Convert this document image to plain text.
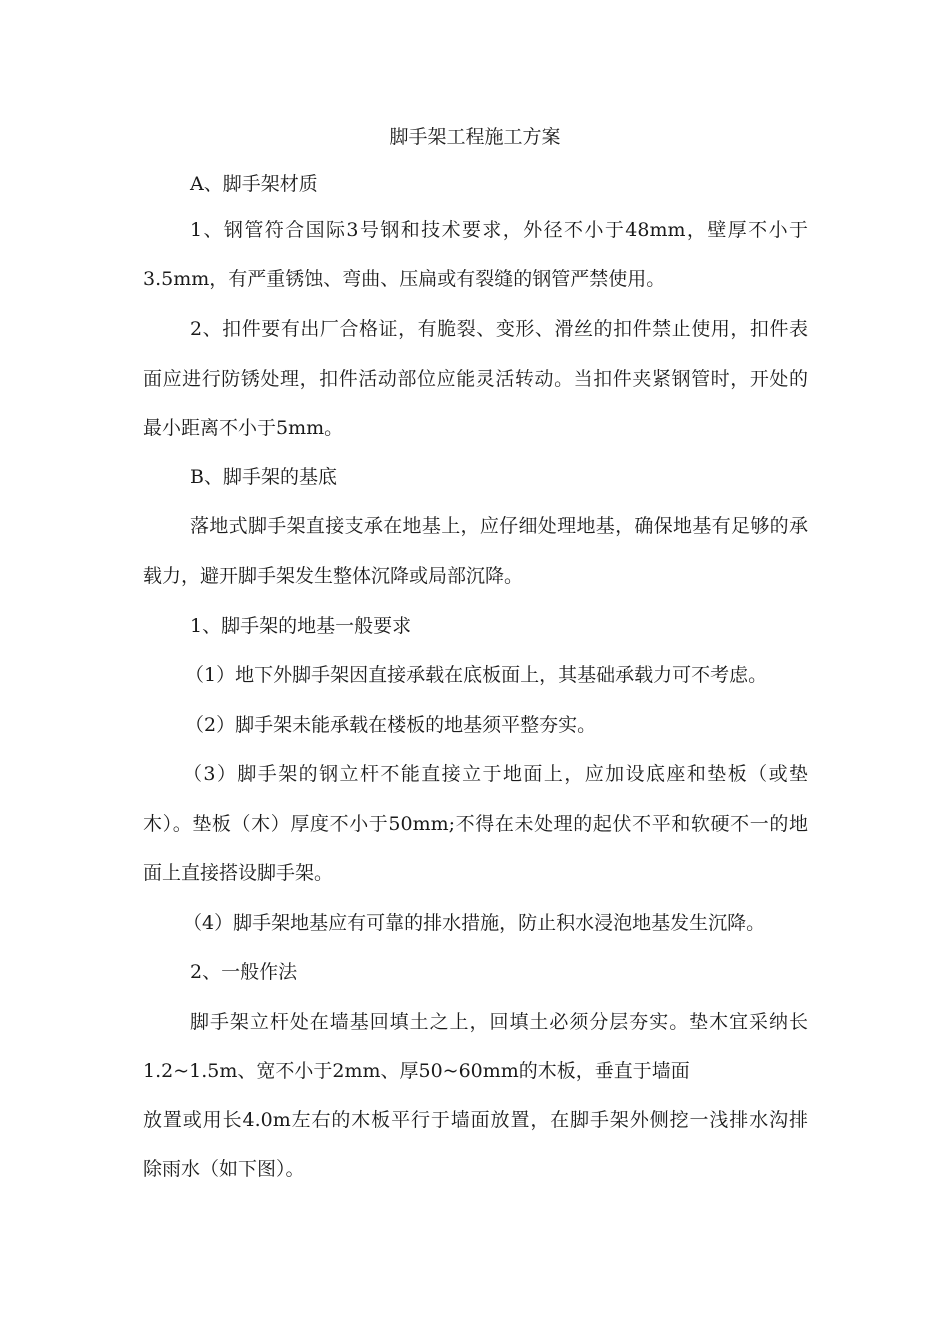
脚手架工程施工方案

A、脚手架材质

1、钢管符合国际3号钢和技术要求，外径不小于48mm，壁厚不小于

3.5mm，有严重锈蚀、弯曲、压扁或有裂缝的钢管严禁使用。

2、扣件要有出厂合格证，有脆裂、变形、滑丝的扣件禁止使用，扣件表

面应进行防锈处理，扣件活动部位应能灵活转动。当扣件夹紧钢管时，开处的

最小距离不小于5mm。

B、脚手架的基底

落地式脚手架直接支承在地基上，应仔细处理地基，确保地基有足够的承

载力，避开脚手架发生整体沉降或局部沉降。

1、脚手架的地基一般要求

（1）地下外脚手架因直接承载在底板面上，其基础承载力可不考虑。

（2）脚手架未能承载在楼板的地基须平整夯实。

（3）脚手架的钢立杆不能直接立于地面上，应加设底座和垫板（或垫

木）。垫板（木）厚度不小于50mm;不得在未处理的起伏不平和软硬不一的地

面上直接搭设脚手架。

（4）脚手架地基应有可靠的排水措施，防止积水浸泡地基发生沉降。

2、一般作法

脚手架立杆处在墙基回填土之上，回填土必须分层夯实。垫木宜采纳长

1.2~1.5m、宽不小于2mm、厚50~60mm的木板，垂直于墙面

放置或用长4.0m左右的木板平行于墙面放置，在脚手架外侧挖一浅排水沟排

除雨水（如下图）。
